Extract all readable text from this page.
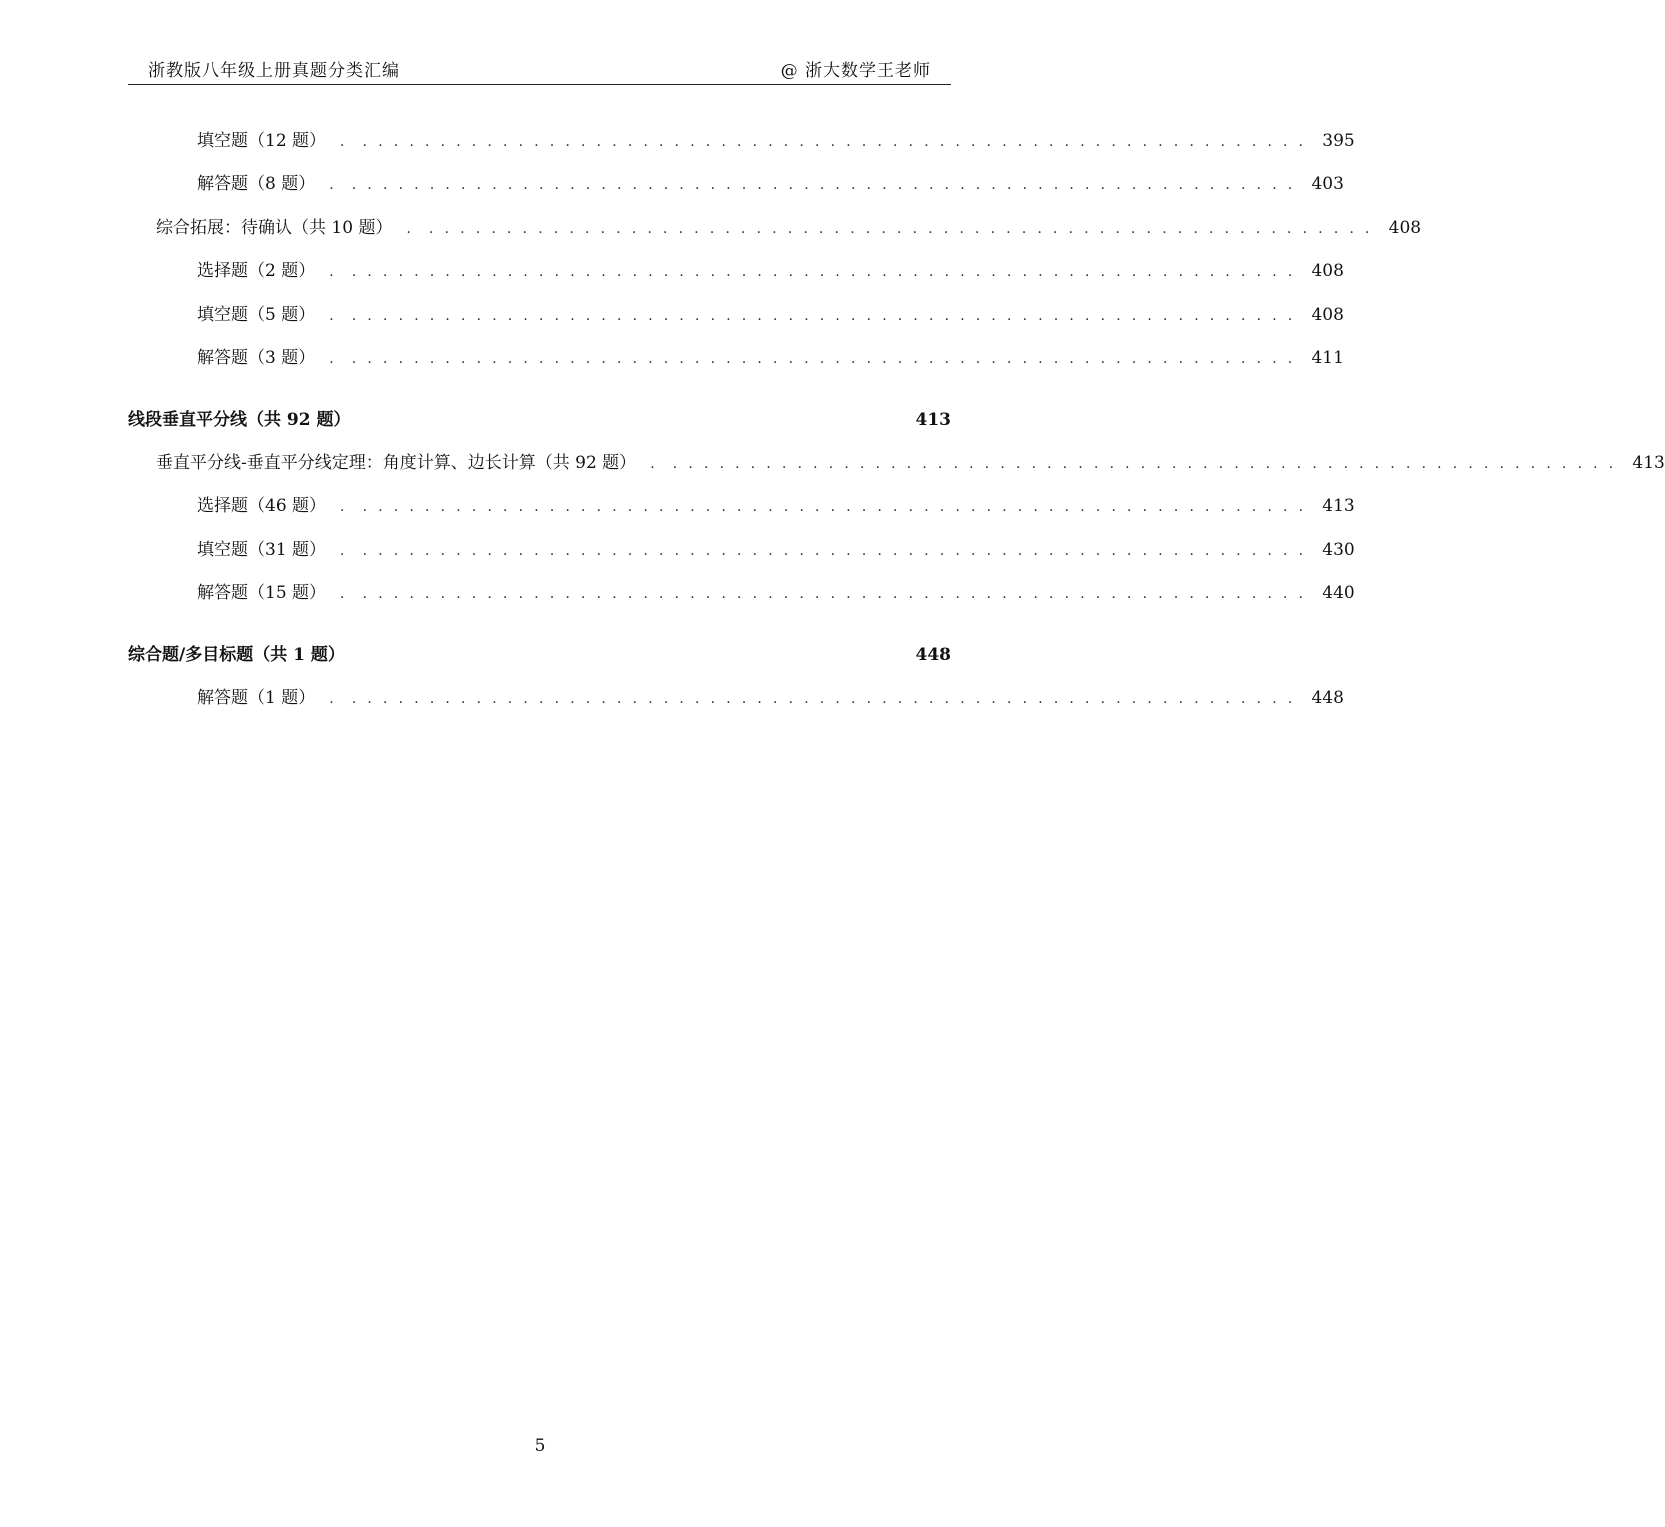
浙教版八年级上册真题分类汇编	@ 浙大数学王老师
填空题（12 题）	．．．．．．．．．．．．．．．．．．．．．．．．．．．．．．．．．．．．．．．．．．．．．．．．．．．．．．．．．．．．．． 395
解答题（8 题）	．．．．．．．．．．．．．．．．．．．．．．．．．．．．．．．．．．．．．．．．．．．．．．．．．．．．．．．．．．．．．． 403
综合拓展：待确认（共 10 题）	．．．．．．．．．．．．．．．．．．．．．．．．．．．．．．．．．．．．．．．．．．．．．．．．．．．．．．．．．．．．．． 408
选择题（2 题）	．．．．．．．．．．．．．．．．．．．．．．．．．．．．．．．．．．．．．．．．．．．．．．．．．．．．．．．．．．．．．． 408
填空题（5 题）	．．．．．．．．．．．．．．．．．．．．．．．．．．．．．．．．．．．．．．．．．．．．．．．．．．．．．．．．．．．．．． 408
解答题（3 题）	．．．．．．．．．．．．．．．．．．．．．．．．．．．．．．．．．．．．．．．．．．．．．．．．．．．．．．．．．．．．．． 411
线段垂直平分线（共 92 题）	413
垂直平分线-垂直平分线定理：角度计算、边长计算（共 92 题）	．．．．．．．．．．．．．．．．．．．．．．．．．．．．．．．．．．．．．．．．．．．．．．．．．．．．．．．．．．．．．． 413
选择题（46 题）	．．．．．．．．．．．．．．．．．．．．．．．．．．．．．．．．．．．．．．．．．．．．．．．．．．．．．．．．．．．．．． 413
填空题（31 题）	．．．．．．．．．．．．．．．．．．．．．．．．．．．．．．．．．．．．．．．．．．．．．．．．．．．．．．．．．．．．．． 430
解答题（15 题）	．．．．．．．．．．．．．．．．．．．．．．．．．．．．．．．．．．．．．．．．．．．．．．．．．．．．．．．．．．．．．． 440
综合题/多目标题（共 1 题）	448
解答题（1 题）	．．．．．．．．．．．．．．．．．．．．．．．．．．．．．．．．．．．．．．．．．．．．．．．．．．．．．．．．．．．．．． 448
5
